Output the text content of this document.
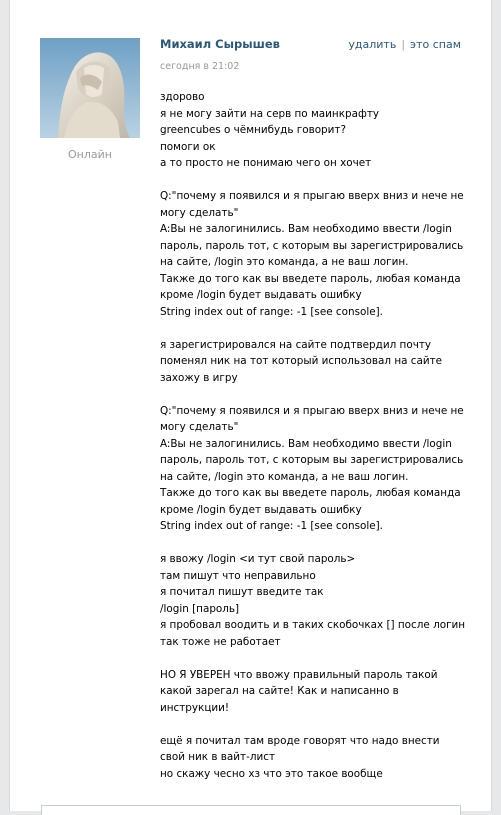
Онлайн
Михаил Сырышев
сегодня в 21:02
удалить | это спам
здорово
я не могу зайти на серв по маинкрафту
greencubes о чёмнибудь говорит?
помоги ок
а то просто не понимаю чего он хочет
Q:"почему я появился и я прыгаю вверх вниз и нече не
могу сделать"
A:Вы не залогинились. Вам необходимо ввести /login
пароль, пароль тот, с которым вы зарегистрировались
на сайте, /login это команда, а не ваш логин.
Также до того как вы введете пароль, любая команда
кроме /login будет выдавать ошибку
String index out of range: -1 [see console].
я зарегистрировался на сайте подтвердил почту
поменял ник на тот который использовал на сайте
захожу в игру
Q:"почему я появился и я прыгаю вверх вниз и нече не
могу сделать"
A:Вы не залогинились. Вам необходимо ввести /login
пароль, пароль тот, с которым вы зарегистрировались
на сайте, /login это команда, а не ваш логин.
Также до того как вы введете пароль, любая команда
кроме /login будет выдавать ошибку
String index out of range: -1 [see console].
я ввожу /login <и тут свой пароль>
там пишут что неправильно
я почитал пишут введите так
/login [пароль]
я пробовал воодить и в таких скобочках [] после логин
так тоже не работает
НО Я УВЕРЕН что ввожу правильный пароль такой
какой зарегал на сайте! Как и написанно в
инструкции!
ещё я почитал там вроде говорят что надо внести
свой ник в вайт-лист
но скажу чесно хз что это такое вообще
